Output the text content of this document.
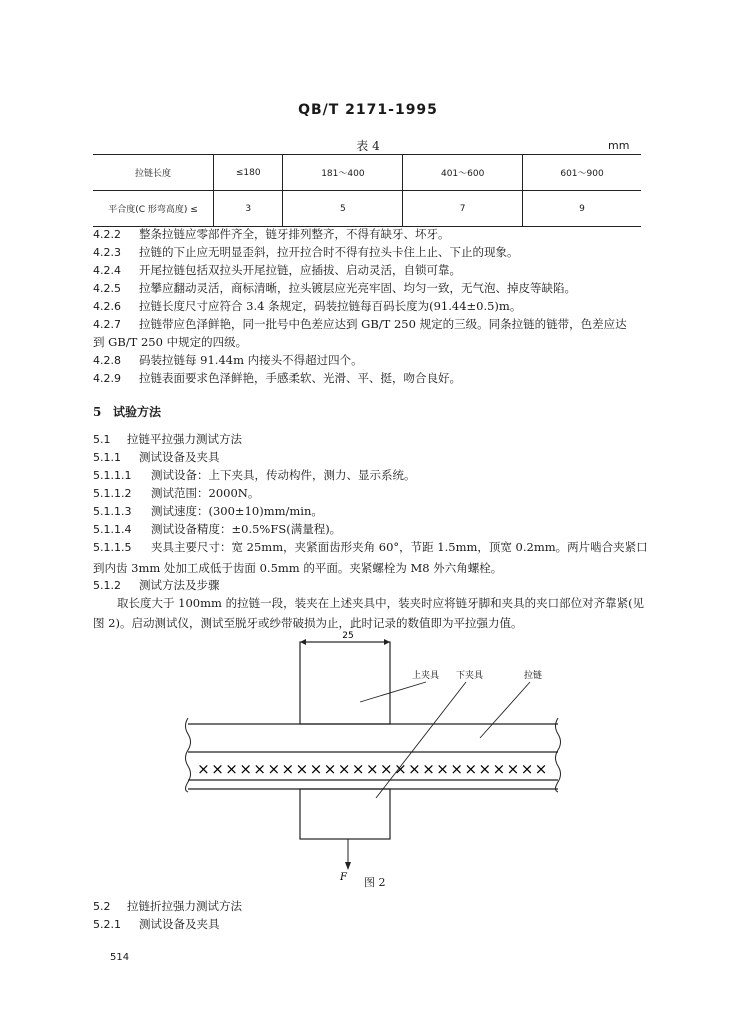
QB/T 2171-1995
表 4	mm
拉链长度	≤180	181～400	401～600	601～900
平合度(C 形弯高度) ≤	3	5	7	9
4.2.2 整条拉链应零部件齐全，链牙排列整齐，不得有缺牙、坏牙。
4.2.3 拉链的下止应无明显歪斜，拉开拉合时不得有拉头卡住上止、下止的现象。
4.2.4 开尾拉链包括双拉头开尾拉链，应插拔、启动灵活，自锁可靠。
4.2.5 拉攀应翻动灵活，商标清晰，拉头镀层应光亮牢固、均匀一致，无气泡、掉皮等缺陷。
4.2.6 拉链长度尺寸应符合 3.4 条规定，码装拉链每百码长度为(91.44±0.5)m。
4.2.7 拉链带应色泽鲜艳，同一批号中色差应达到 GB/T 250 规定的三级。同条拉链的链带，色差应达
到 GB/T 250 中规定的四级。
4.2.8 码装拉链每 91.44m 内接头不得超过四个。
4.2.9 拉链表面要求色泽鲜艳，手感柔软、光滑、平、挺，吻合良好。
5 试验方法
5.1 拉链平拉强力测试方法
5.1.1 测试设备及夹具
5.1.1.1 测试设备：上下夹具，传动构件，测力、显示系统。
5.1.1.2 测试范围：2000N。
5.1.1.3 测试速度：(300±10)mm/min。
5.1.1.4 测试设备精度：±0.5%FS(满量程)。
5.1.1.5 夹具主要尺寸：宽 25mm，夹紧面齿形夹角 60°，节距 1.5mm，顶宽 0.2mm。两片啮合夹紧口到内齿 3mm 处加工成低于齿面 0.5mm 的平面。夹紧螺栓为 M8 外六角螺栓。
5.1.2 测试方法及步骤
取长度大于 100mm 的拉链一段，装夹在上述夹具中，装夹时应将链牙脚和夹具的夹口部位对齐靠紧(见图 2)。启动测试仪，测试至脱牙或纱带破损为止，此时记录的数值即为平拉强力值。
25
×××××××××××××××××××××××××
上夹具 下夹具	拉链
F 图 2
5.2 拉链折拉强力测试方法
5.2.1 测试设备及夹具
514
